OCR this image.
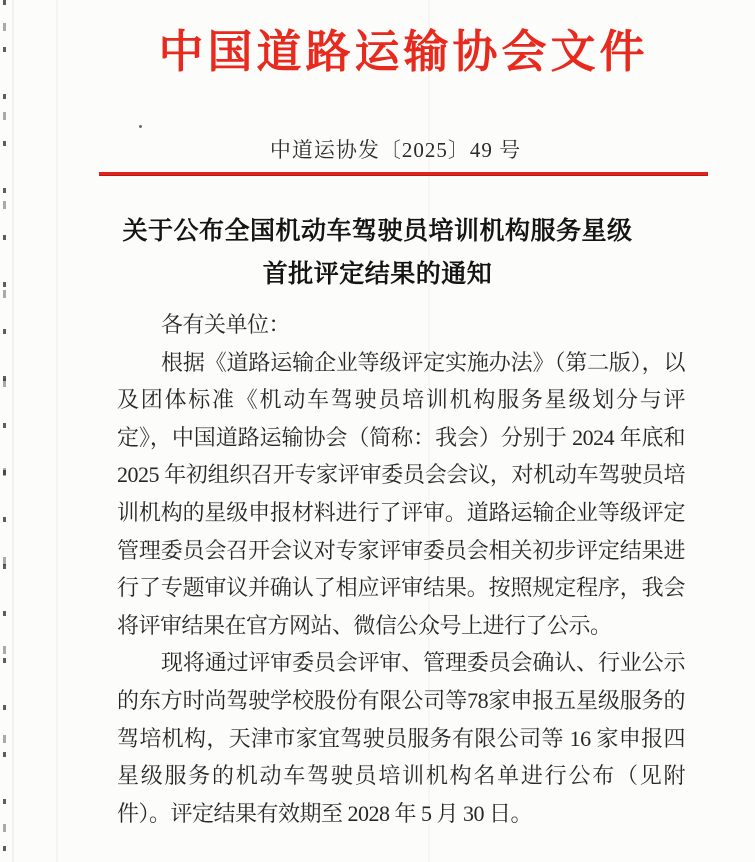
中国道路运输协会文件
中道运协发〔2025〕49 号
关于公布全国机动车驾驶员培训机构服务星级
首批评定结果的通知

各有关单位：

根据《道路运输企业等级评定实施办法》（第二版），以及团体标准《机动车驾驶员培训机构服务星级划分与评定》，中国道路运输协会（简称：我会）分别于 2024 年底和 2025 年初组织召开专家评审委员会会议，对机动车驾驶员培训机构的星级申报材料进行了评审。道路运输企业等级评定管理委员会召开会议对专家评审委员会相关初步评定结果进行了专题审议并确认了相应评审结果。按照规定程序，我会将评审结果在官方网站、微信公众号上进行了公示。

现将通过评审委员会评审、管理委员会确认、行业公示的东方时尚驾驶学校股份有限公司等78家申报五星级服务的驾培机构，天津市家宜驾驶员服务有限公司等 16 家申报四星级服务的机动车驾驶员培训机构名单进行公布（见附件）。评定结果有效期至 2028 年 5 月 30 日。
